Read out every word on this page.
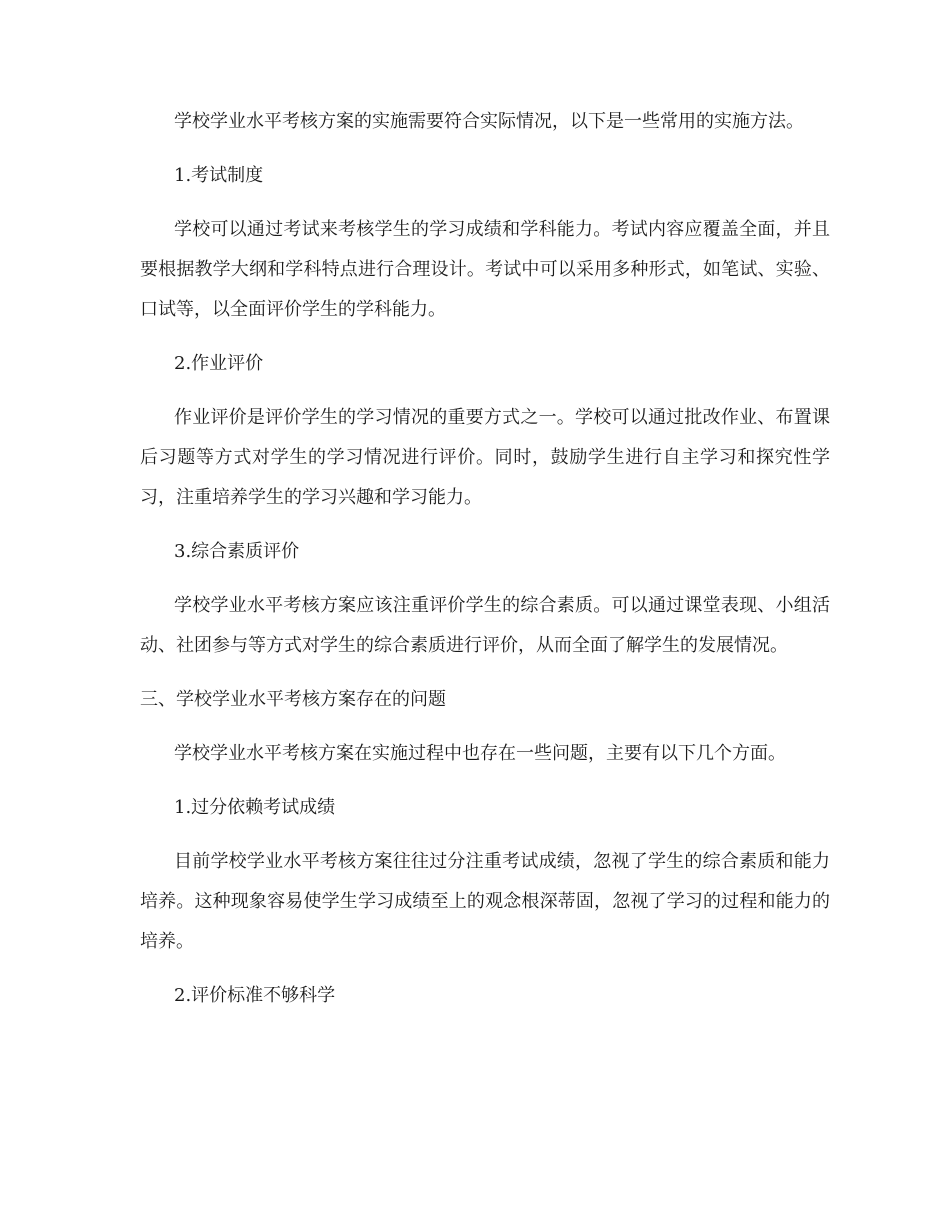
学校学业水平考核方案的实施需要符合实际情况，以下是一些常用的实施方法。

1.考试制度

学校可以通过考试来考核学生的学习成绩和学科能力。考试内容应覆盖全面，并且要根据教学大纲和学科特点进行合理设计。考试中可以采用多种形式，如笔试、实验、口试等，以全面评价学生的学科能力。

2.作业评价

作业评价是评价学生的学习情况的重要方式之一。学校可以通过批改作业、布置课后习题等方式对学生的学习情况进行评价。同时，鼓励学生进行自主学习和探究性学习，注重培养学生的学习兴趣和学习能力。

3.综合素质评价

学校学业水平考核方案应该注重评价学生的综合素质。可以通过课堂表现、小组活动、社团参与等方式对学生的综合素质进行评价，从而全面了解学生的发展情况。

三、学校学业水平考核方案存在的问题

学校学业水平考核方案在实施过程中也存在一些问题，主要有以下几个方面。

1.过分依赖考试成绩

目前学校学业水平考核方案往往过分注重考试成绩，忽视了学生的综合素质和能力培养。这种现象容易使学生学习成绩至上的观念根深蒂固，忽视了学习的过程和能力的培养。

2.评价标准不够科学
